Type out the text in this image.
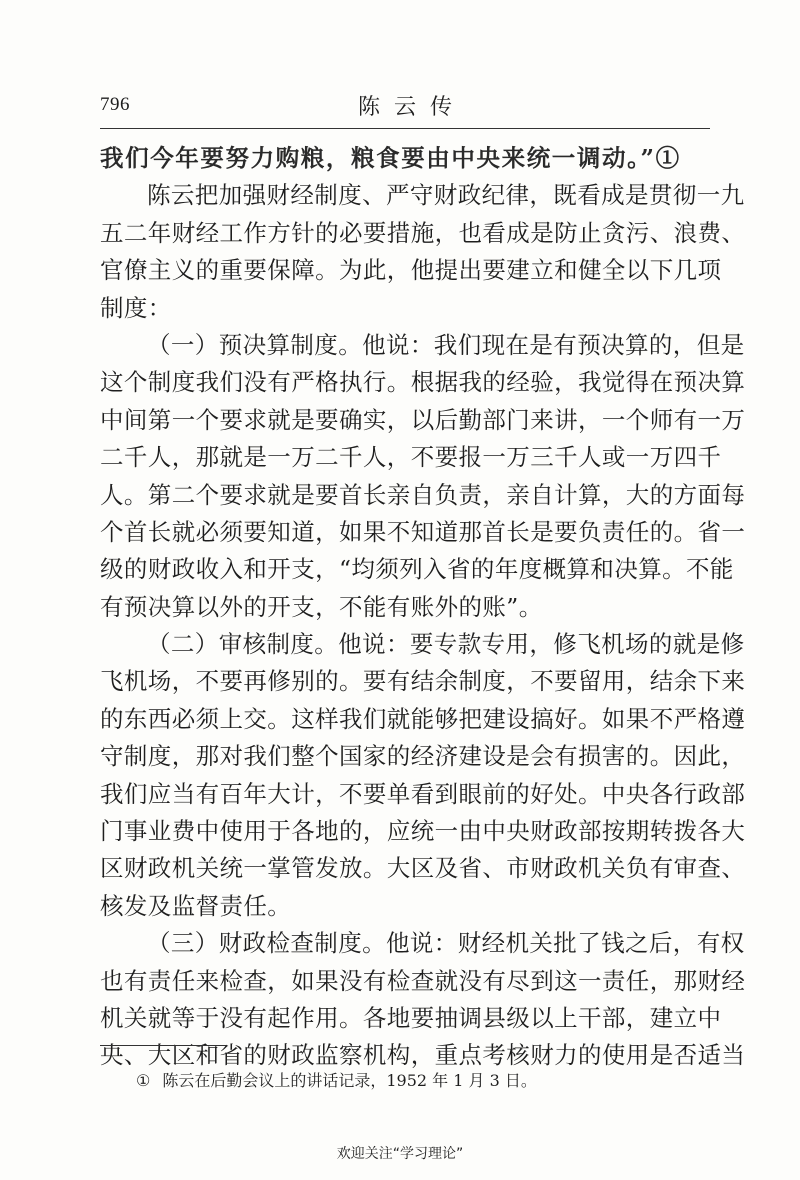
796	陈云传
我们今年要努力购粮，粮食要由中央来统一调动。”①
陈云把加强财经制度、严守财政纪律，既看成是贯彻一九
五二年财经工作方针的必要措施，也看成是防止贪污、浪费、
官僚主义的重要保障。为此，他提出要建立和健全以下几项
制度：
（一）预决算制度。他说：我们现在是有预决算的，但是
这个制度我们没有严格执行。根据我的经验，我觉得在预决算
中间第一个要求就是要确实，以后勤部门来讲，一个师有一万
二千人，那就是一万二千人，不要报一万三千人或一万四千
人。第二个要求就是要首长亲自负责，亲自计算，大的方面每
个首长就必须要知道，如果不知道那首长是要负责任的。省一
级的财政收入和开支，“均须列入省的年度概算和决算。不能
有预决算以外的开支，不能有账外的账”。
（二）审核制度。他说：要专款专用，修飞机场的就是修
飞机场，不要再修别的。要有结余制度，不要留用，结余下来
的东西必须上交。这样我们就能够把建设搞好。如果不严格遵
守制度，那对我们整个国家的经济建设是会有损害的。因此，
我们应当有百年大计，不要单看到眼前的好处。中央各行政部
门事业费中使用于各地的，应统一由中央财政部按期转拨各大
区财政机关统一掌管发放。大区及省、市财政机关负有审查、
核发及监督责任。
（三）财政检查制度。他说：财经机关批了钱之后，有权
也有责任来检查，如果没有检查就没有尽到这一责任，那财经
机关就等于没有起作用。各地要抽调县级以上干部，建立中
央、大区和省的财政监察机构，重点考核财力的使用是否适当
① 陈云在后勤会议上的讲话记录，1952 年 1 月 3 日。
欢迎关注“学习理论”
